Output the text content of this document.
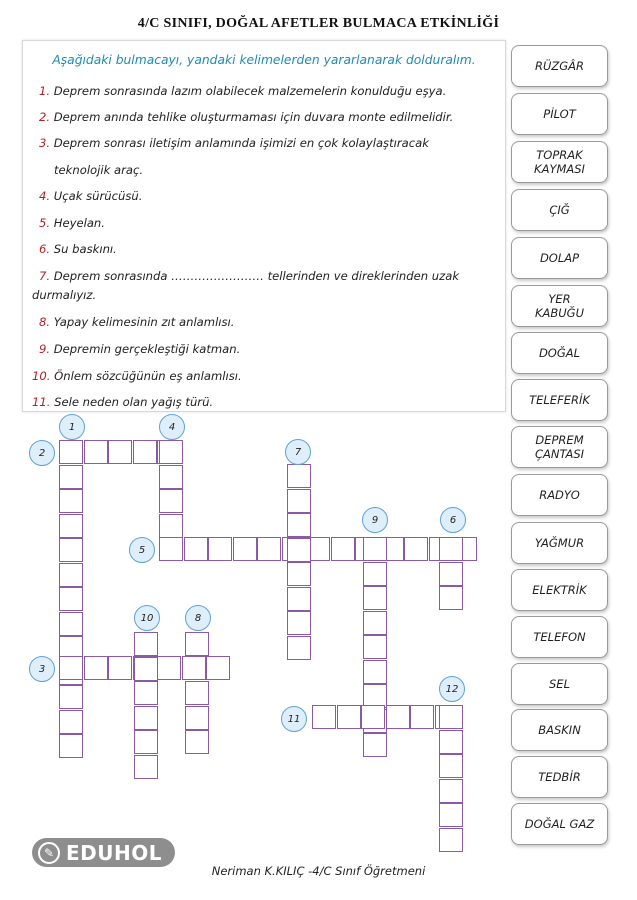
4/C SINIFI, DOĞAL AFETLER BULMACA ETKİNLİĞİ
Aşağıdaki bulmacayı, yandaki kelimelerden yararlanarak dolduralım.
1. Deprem sonrasında lazım olabilecek malzemelerin konulduğu eşya.
2. Deprem anında tehlike oluşturmaması için duvara monte edilmelidir.
3. Deprem sonrası iletişim anlamında işimizi en çok kolaylaştıracak
teknolojik araç.
4. Uçak sürücüsü.
5. Heyelan.
6. Su baskını.
7. Deprem sonrasında …………………… tellerinden ve direklerinden uzak
durmalıyız.
8. Yapay kelimesinin zıt anlamlısı.
9. Depremin gerçekleştiği katman.
10. Önlem sözcüğünün eş anlamlısı.
11. Sele neden olan yağış türü.
RÜZGÂR
PİLOT
TOPRAK
KAYMASI
ÇIĞ
DOLAP
YER
KABUĞU
DOĞAL
TELEFERİK
DEPREM
ÇANTASI
RADYO
YAĞMUR
ELEKTRİK
TELEFON
SEL
BASKIN
TEDBİR
DOĞAL GAZ
1
2
3
4
5
6
7
8
9
10
11
12
✎ EDUHOL
Neriman K.KILIÇ -4/C Sınıf Öğretmeni
